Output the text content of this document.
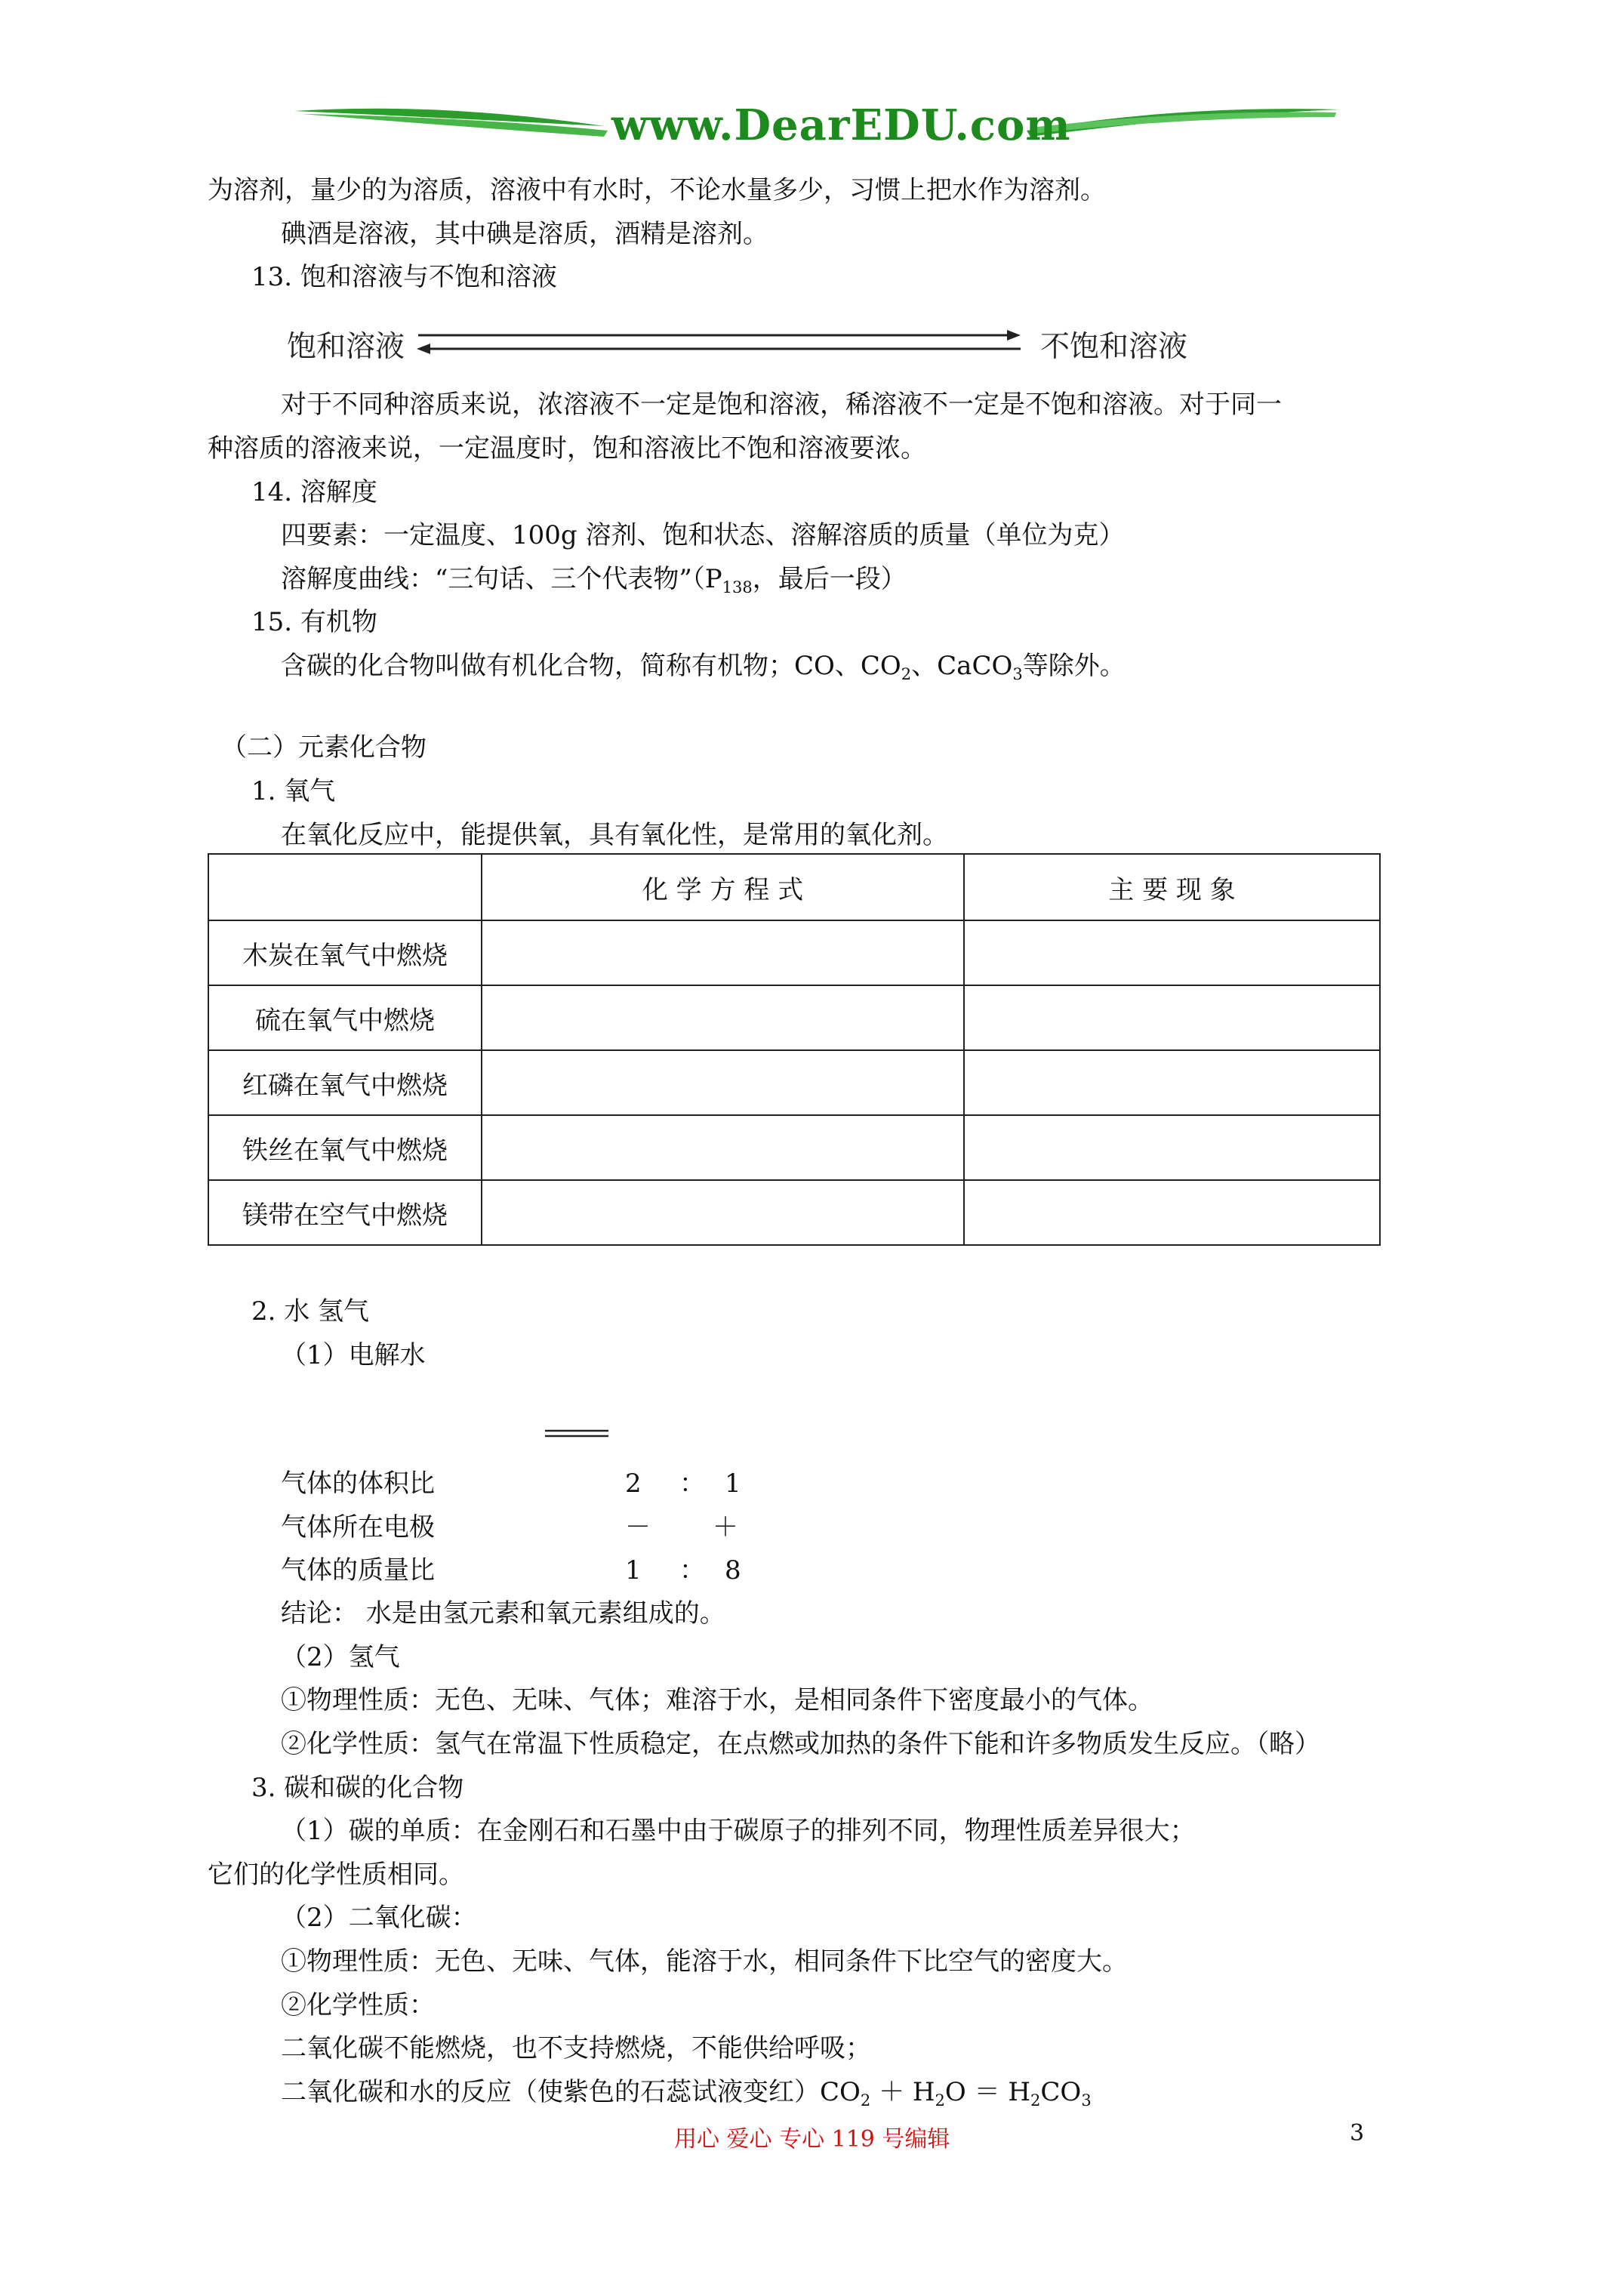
www.DearEDU.com
为溶剂，量少的为溶质，溶液中有水时，不论水量多少，习惯上把水作为溶剂。
碘酒是溶液，其中碘是溶质，酒精是溶剂。
13. 饱和溶液与不饱和溶液
饱和溶液	不饱和溶液
对于不同种溶质来说，浓溶液不一定是饱和溶液，稀溶液不一定是不饱和溶液。对于同一
种溶质的溶液来说，一定温度时，饱和溶液比不饱和溶液要浓。
14. 溶解度
四要素：一定温度、100g 溶剂、饱和状态、溶解溶质的质量（单位为克）
溶解度曲线：“三句话、三个代表物$”(P_{138}$，最后一段）
15. 有机物
含碳的化合物叫做有机化合物，简称有机物；CO、$CO_2$、CaCO$_3$等除外。
（二）元素化合物
1. 氧气
在氧化反应中，能提供氧，具有氧化性，是常用的氧化剂。
	化 学 方 程 式	主 要 现 象
木炭在氧气中燃烧		
硫在氧气中燃烧		
红磷在氧气中燃烧		
铁丝在氧气中燃烧		
镁带在空气中燃烧		
2. 水 氢气
（1）电解水
气体的体积比	2 ： 1
气体所在电极	－ ＋
气体的质量比	1 ： 8
结论： 水是由氢元素和氧元素组成的。
（2）氢气
①物理性质：无色、无味、气体；难溶于水，是相同条件下密度最小的气体。
②化学性质：氢气在常温下性质稳定，在点燃或加热的条件下能和许多物质发生反应。（略）
3. 碳和碳的化合物
（1）碳的单质：在金刚石和石墨中由于碳原子的排列不同，物理性质差异很大；
它们的化学性质相同。
（2）二氧化碳：
①物理性质：无色、无味、气体，能溶于水，相同条件下比空气的密度大。
②化学性质：
二氧化碳不能燃烧，也不支持燃烧，不能供给呼吸；
二氧化碳和水的反应（使紫色的石蕊试液变红）$CO_2 + H_2O = H_2CO_3$
用心 爱心 专心 119 号编辑	3
